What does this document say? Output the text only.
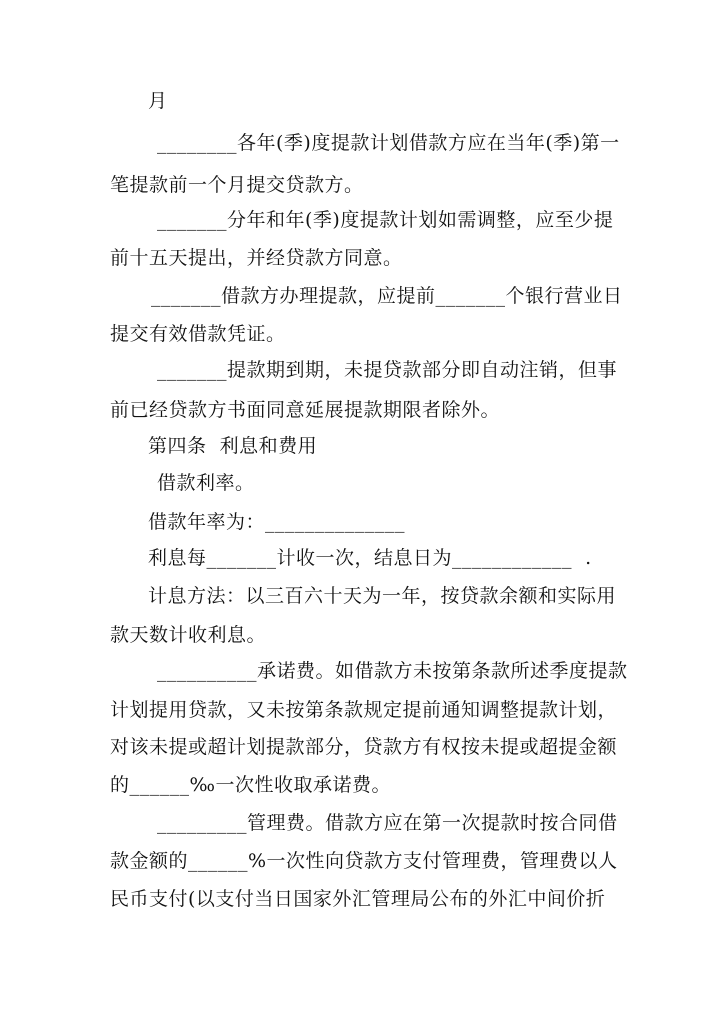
月
________各年(季)度提款计划借款方应在当年(季)第一
笔提款前一个月提交贷款方。
_______分年和年(季)度提款计划如需调整，应至少提
前十五天提出，并经贷款方同意。
_______借款方办理提款，应提前_______个银行营业日
提交有效借款凭证。
_______提款期到期，未提贷款部分即自动注销，但事
前已经贷款方书面同意延展提款期限者除外。
第四条  利息和费用
借款利率。
借款年率为：______________
利息每_______计收一次，结息日为____________  .
计息方法：以三百六十天为一年，按贷款余额和实际用
款天数计收利息。
__________承诺费。如借款方未按第条款所述季度提款
计划提用贷款，又未按第条款规定提前通知调整提款计划，
对该未提或超计划提款部分，贷款方有权按未提或超提金额
的______‰一次性收取承诺费。
_________管理费。借款方应在第一次提款时按合同借
款金额的______%一次性向贷款方支付管理费，管理费以人
民币支付(以支付当日国家外汇管理局公布的外汇中间价折
